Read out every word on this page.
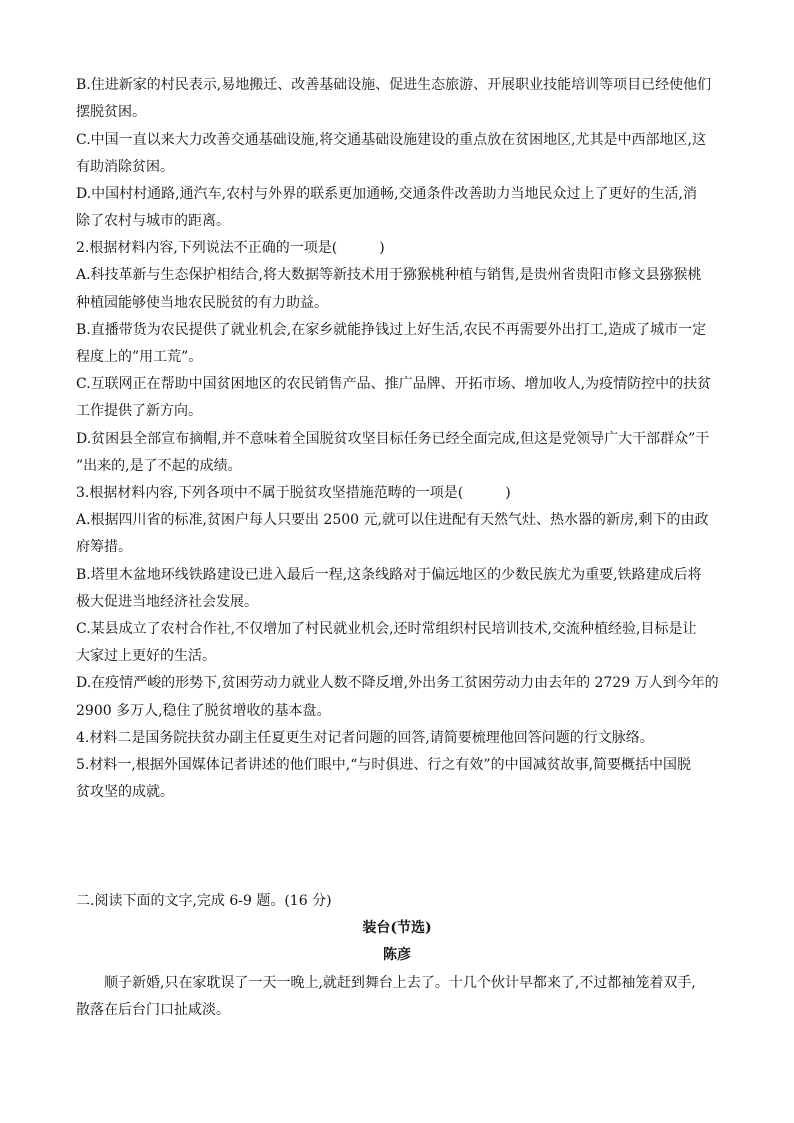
B.住进新家的村民表示,易地搬迁、改善基础设施、促进生态旅游、开展职业技能培训等项目已经使他们
摆脱贫困。
C.中国一直以来大力改善交通基础设施,将交通基础设施建设的重点放在贫困地区,尤其是中西部地区,这
有助消除贫困。
D.中国村村通路,通汽车,农村与外界的联系更加通畅,交通条件改善助力当地民众过上了更好的生活,消
除了农村与城市的距离。
2.根据材料内容,下列说法不正确的一项是(　　　)
A.科技革新与生态保护相结合,将大数据等新技术用于猕猴桃种植与销售,是贵州省贵阳市修文县猕猴桃
种植园能够使当地农民脱贫的有力助益。
B.直播带货为农民提供了就业机会,在家乡就能挣钱过上好生活,农民不再需要外出打工,造成了城市一定
程度上的”用工荒”。
C.互联网正在帮助中国贫困地区的农民销售产品、推广品牌、开拓市场、增加收人,为疫情防控中的扶贫
工作提供了新方向。
D.贫困县全部宣布摘帽,并不意味着全国脱贫攻坚目标任务已经全面完成,但这是党领导广大干部群众”干
”出来的,是了不起的成绩。
3.根据材料内容,下列各项中不属于脱贫攻坚措施范畴的一项是(　　　)
A.根据四川省的标准,贫困户每人只要出 2500 元,就可以住进配有天然气灶、热水器的新房,剩下的由政
府筹措。
B.塔里木盆地环线铁路建设已进入最后一程,这条线路对于偏远地区的少数民族尤为重要,铁路建成后将
极大促进当地经济社会发展。
C.某县成立了农村合作社,不仅增加了村民就业机会,还时常组织村民培训技术,交流种植经验,目标是让
大家过上更好的生活。
D.在疫情严峻的形势下,贫困劳动力就业人数不降反增,外出务工贫困劳动力由去年的 2729 万人到今年的
2900 多万人,稳住了脱贫增收的基本盘。
4.材料二是国务院扶贫办副主任夏更生对记者问题的回答,请简要梳理他回答问题的行文脉络。
5.材料一,根据外国媒体记者讲述的他们眼中,“与时俱进、行之有效”的中国减贫故事,简要概括中国脱
贫攻坚的成就。
二.阅读下面的文字,完成 6-9 题。(16 分)
装台(节选)
陈彦
顺子新婚,只在家耽误了一天一晚上,就赶到舞台上去了。十几个伙计早都来了,不过都袖笼着双手,
散落在后台门口扯咸淡。
